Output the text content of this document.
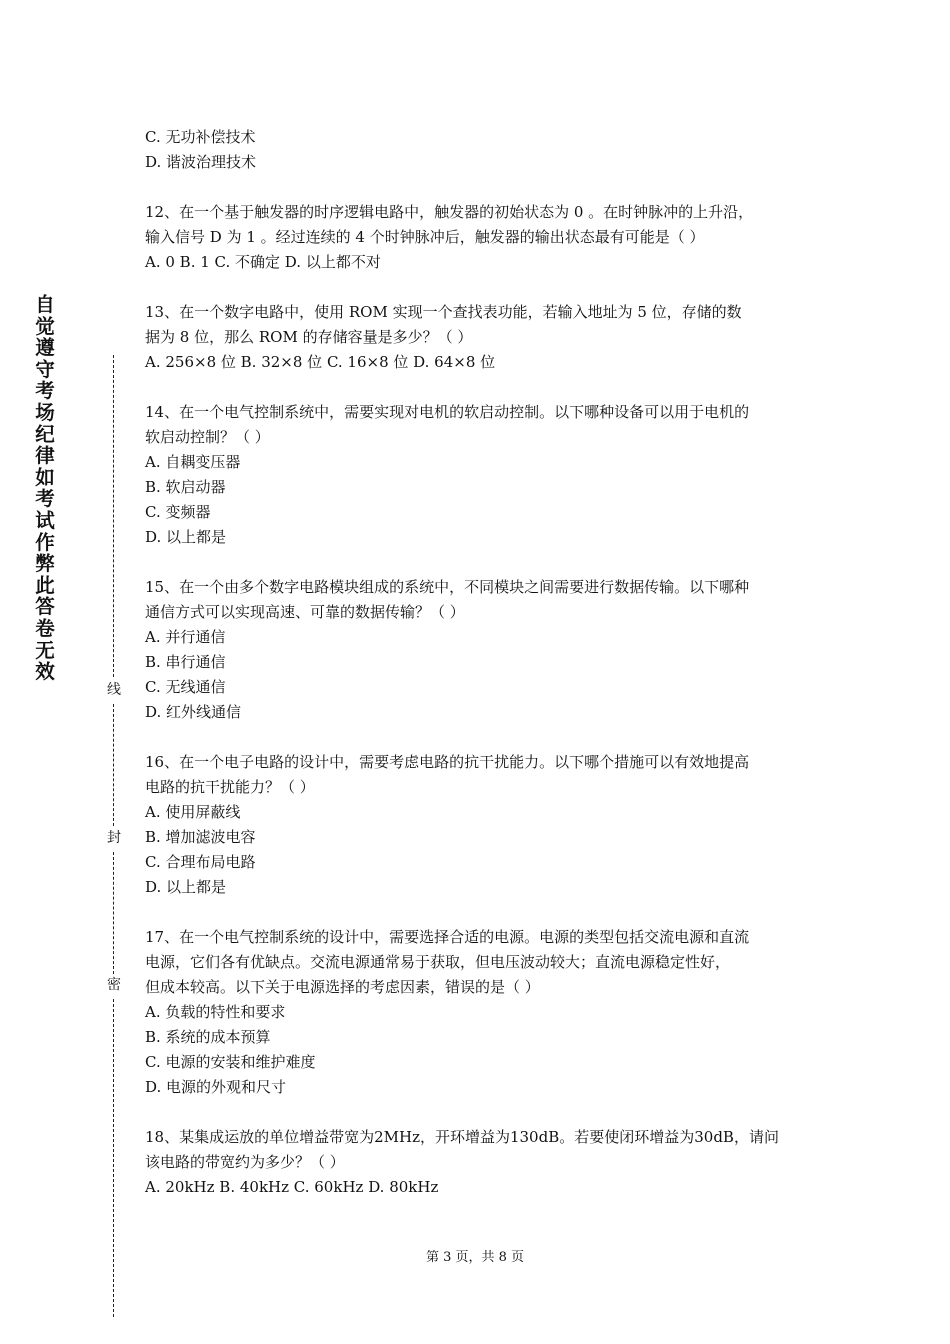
自觉遵守考场纪律如考试作弊此答卷无效
线
封
密
C. 无功补偿技术
D. 谐波治理技术
12、在一个基于触发器的时序逻辑电路中，触发器的初始状态为 0 。在时钟脉冲的上升沿，
输入信号 D 为 1 。经过连续的 4 个时钟脉冲后，触发器的输出状态最有可能是（ ）
A. 0 B. 1 C. 不确定 D. 以上都不对
13、在一个数字电路中，使用 ROM 实现一个查找表功能，若输入地址为 5 位，存储的数
据为 8 位，那么 ROM 的存储容量是多少？（ ）
A. 256×8 位 B. 32×8 位 C. 16×8 位 D. 64×8 位
14、在一个电气控制系统中，需要实现对电机的软启动控制。以下哪种设备可以用于电机的
软启动控制？（ ）
A. 自耦变压器
B. 软启动器
C. 变频器
D. 以上都是
15、在一个由多个数字电路模块组成的系统中，不同模块之间需要进行数据传输。以下哪种
通信方式可以实现高速、可靠的数据传输？（ ）
A. 并行通信
B. 串行通信
C. 无线通信
D. 红外线通信
16、在一个电子电路的设计中，需要考虑电路的抗干扰能力。以下哪个措施可以有效地提高
电路的抗干扰能力？（ ）
A. 使用屏蔽线
B. 增加滤波电容
C. 合理布局电路
D. 以上都是
17、在一个电气控制系统的设计中，需要选择合适的电源。电源的类型包括交流电源和直流
电源，它们各有优缺点。交流电源通常易于获取，但电压波动较大；直流电源稳定性好，
但成本较高。以下关于电源选择的考虑因素，错误的是（ ）
A. 负载的特性和要求
B. 系统的成本预算
C. 电源的安装和维护难度
D. 电源的外观和尺寸
18、某集成运放的单位增益带宽为2MHz，开环增益为130dB。若要使闭环增益为30dB，请问
该电路的带宽约为多少？（ ）
A. 20kHz B. 40kHz C. 60kHz D. 80kHz
第 3 页，共 8 页
